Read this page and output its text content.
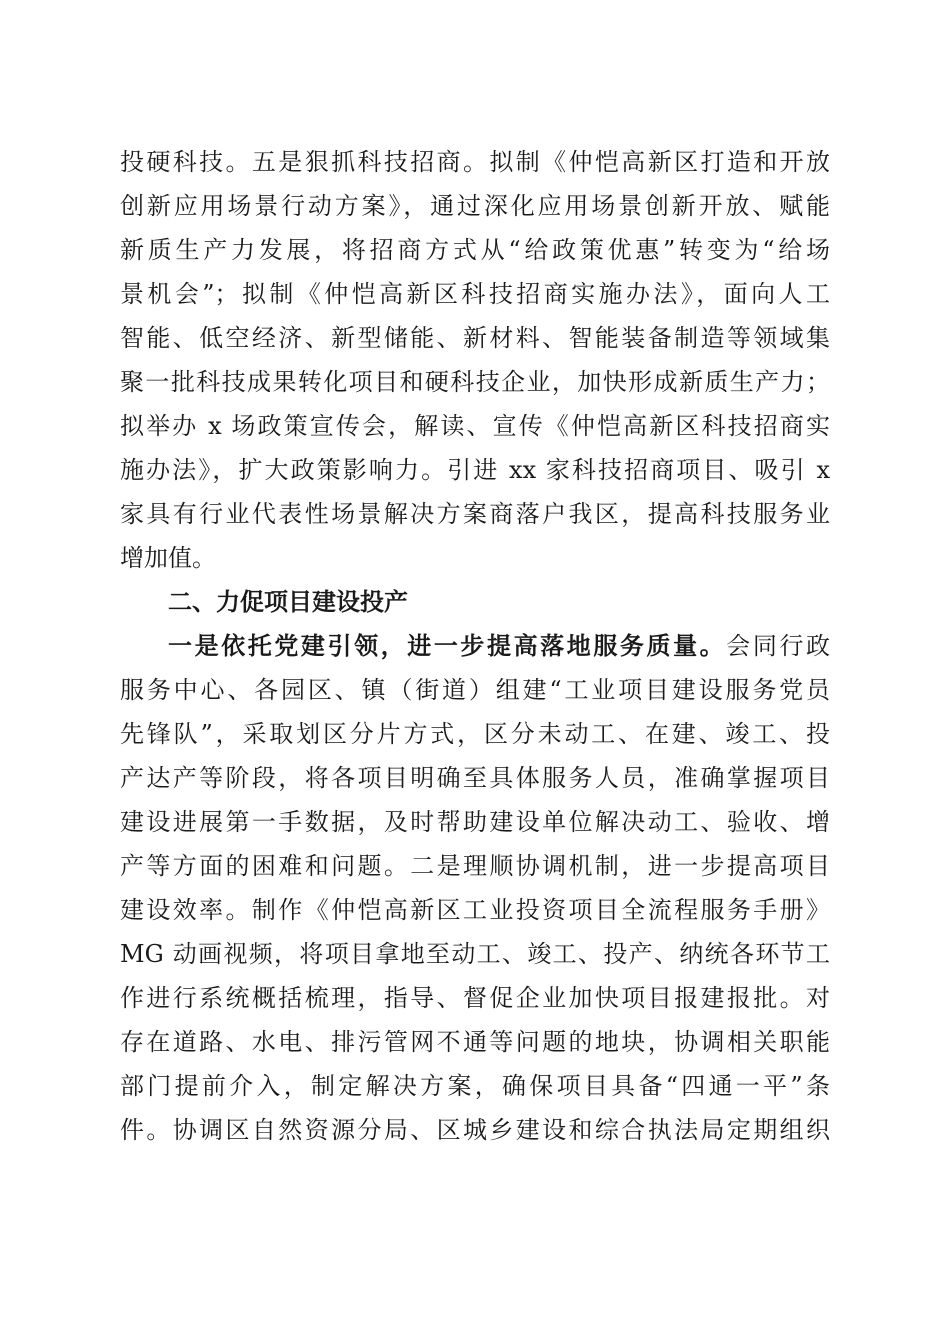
投硬科技。五是狠抓科技招商。拟制《仲恺高新区打造和开放
创新应用场景行动方案》，通过深化应用场景创新开放、赋能
新质生产力发展，将招商方式从“给政策优惠”转变为“给场
景机会”；拟制《仲恺高新区科技招商实施办法》，面向人工
智能、低空经济、新型储能、新材料、智能装备制造等领域集
聚一批科技成果转化项目和硬科技企业，加快形成新质生产力；
拟举办 x 场政策宣传会，解读、宣传《仲恺高新区科技招商实
施办法》，扩大政策影响力。引进 xx 家科技招商项目、吸引 x
家具有行业代表性场景解决方案商落户我区，提高科技服务业
增加值。
二、力促项目建设投产
一是依托党建引领，进一步提高落地服务质量。会同行政
服务中心、各园区、镇（街道）组建“工业项目建设服务党员
先锋队”，采取划区分片方式，区分未动工、在建、竣工、投
产达产等阶段，将各项目明确至具体服务人员，准确掌握项目
建设进展第一手数据，及时帮助建设单位解决动工、验收、增
产等方面的困难和问题。二是理顺协调机制，进一步提高项目
建设效率。制作《仲恺高新区工业投资项目全流程服务手册》
MG 动画视频，将项目拿地至动工、竣工、投产、纳统各环节工
作进行系统概括梳理，指导、督促企业加快项目报建报批。对
存在道路、水电、排污管网不通等问题的地块，协调相关职能
部门提前介入，制定解决方案，确保项目具备“四通一平”条
件。协调区自然资源分局、区城乡建设和综合执法局定期组织
